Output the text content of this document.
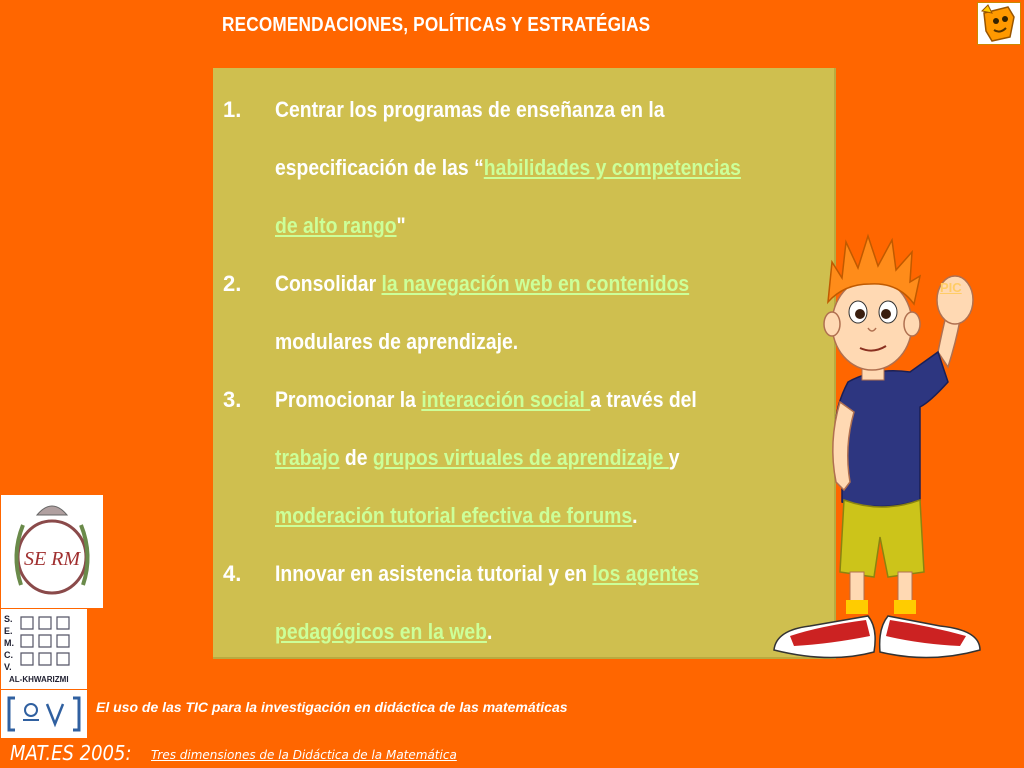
RECOMENDACIONES, POLÍTICAS Y ESTRATÉGIAS
1.	Centrar los programas de enseñanza en la especificación de las “habilidades y competencias de alto rango"
2.	Consolidar la navegación web en contenidos modulares de aprendizaje.
3.	Promocionar la interacción social a través del trabajo de grupos virtuales de aprendizaje y moderación tutorial efectiva de forums.
4.	Innovar en asistencia tutorial y en los agentes pedagógicos en la web.
PIC
SE RM
S.
E.
M.
C.
V.
AL-KHWARIZMI
El uso de las TIC para la investigación en didáctica de las matemáticas
MAT.ES 2005: Tres dimensiones de la Didáctica de la Matemática
